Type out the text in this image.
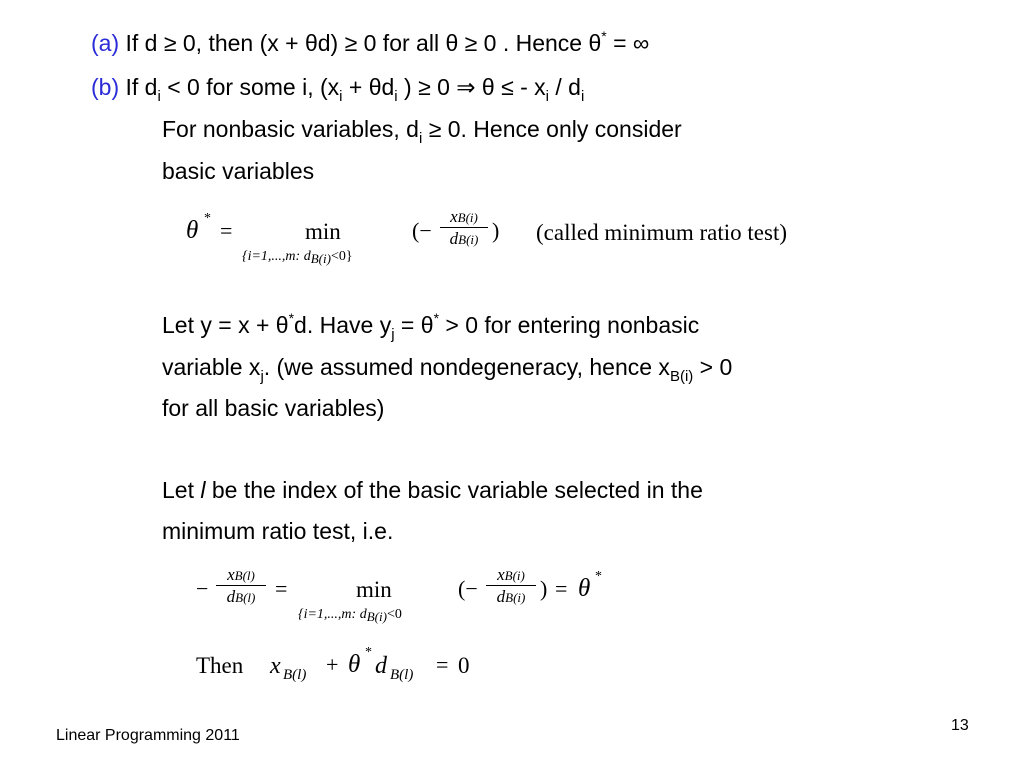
(a) If d ≥ 0, then (x + θd) ≥ 0 for all θ ≥ 0 . Hence θ* = ∞
(b) If $d_i < 0$ for some i, ($x_i + \theta d_i$ ) ≥ 0 ⇒ θ ≤ - $x_i / d_i$
For nonbasic variables, $d_i \ge 0$. Hence only consider
basic variables
θ * =	min
{i=1,...,m: dB(i)<0}
(−
xB(i)
dB(i) ) (called minimum ratio test)
Let y = x + θ*d. Have $y_j = \theta^* > 0$ for entering nonbasic
variable $x_j$. (we assumed nondegeneracy, hence $x_{B(i)} > 0$
for all basic variables)
Let l be the index of the basic variable selected in the
minimum ratio test, i.e.
−
xB(l)
dB(l) =	min
{i=1,...,m: dB(i)<0
(−
xB(i)
dB(i) ) = θ *
Then x B(l) + θ *
d B(l) = 0
Linear Programming 2011
13
